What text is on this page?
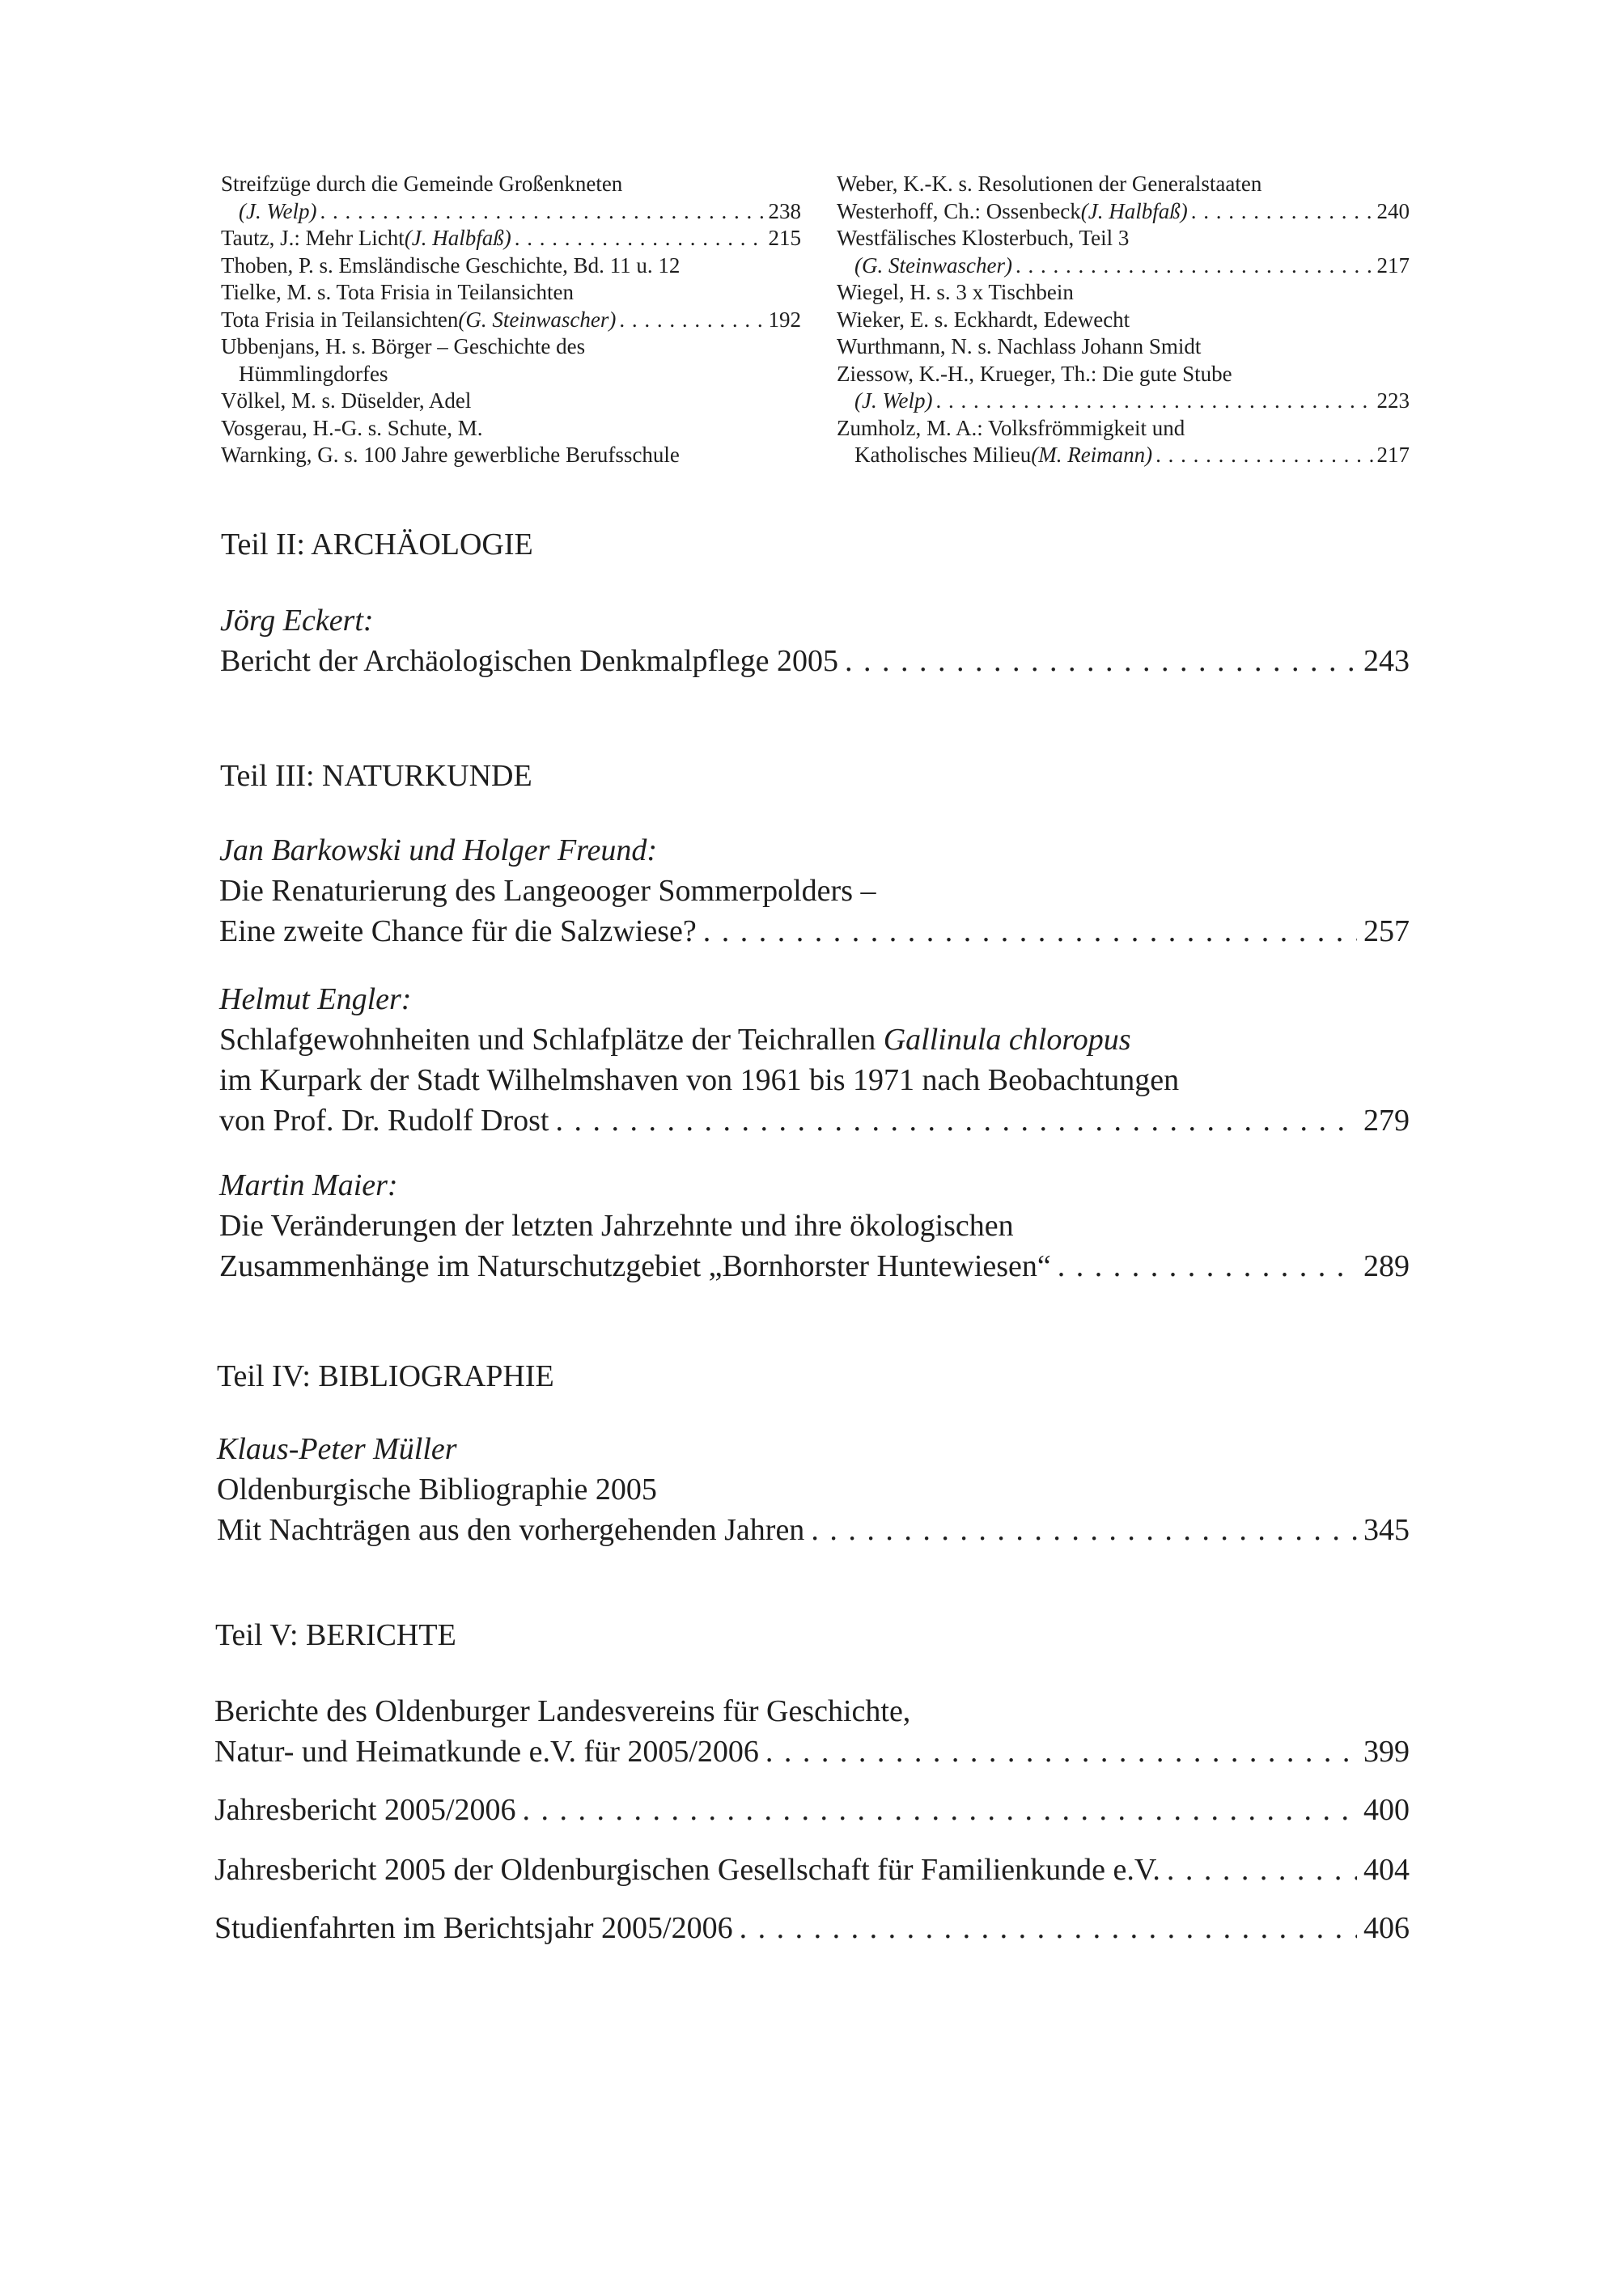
Streifzüge durch die Gemeinde Großenkneten
(J. Welp) . . .	238
Tautz, J.: Mehr Licht (J. Halbfaß) . . .	215
Thoben, P. s. Emsländische Geschichte, Bd. 11 u. 12
Tielke, M. s. Tota Frisia in Teilansichten
Tota Frisia in Teilansichten (G. Steinwascher) . . .	192
Ubbenjans, H. s. Börger – Geschichte des
Hümmlingdorfes
Völkel, M. s. Düselder, Adel
Vosgerau, H.-G. s. Schute, M.
Warnking, G. s. 100 Jahre gewerbliche Berufsschule
Weber, K.-K. s. Resolutionen der Generalstaaten
Westerhoff, Ch.: Ossenbeck (J. Halbfaß) . . .	240
Westfälisches Klosterbuch, Teil 3
(G. Steinwascher) . . .	217
Wiegel, H. s. 3 x Tischbein
Wieker, E. s. Eckhardt, Edewecht
Wurthmann, N. s. Nachlass Johann Smidt
Ziessow, K.-H., Krueger, Th.: Die gute Stube
(J. Welp) . . .	223
Zumholz, M. A.: Volksfrömmigkeit und
Katholisches Milieu (M. Reimann) . . .	217
Teil II: ARCHÄOLOGIE
Jörg Eckert:
Bericht der Archäologischen Denkmalpflege 2005 . . .	243
Teil III: NATURKUNDE
Jan Barkowski und Holger Freund:
Die Renaturierung des Langeooger Sommerpolders –
Eine zweite Chance für die Salzwiese? . . .	257
Helmut Engler:
Schlafgewohnheiten und Schlafplätze der Teichrallen Gallinula chloropus
im Kurpark der Stadt Wilhelmshaven von 1961 bis 1971 nach Beobachtungen
von Prof. Dr. Rudolf Drost . . .	279
Martin Maier:
Die Veränderungen der letzten Jahrzehnte und ihre ökologischen
Zusammenhänge im Naturschutzgebiet „Bornhorster Huntewiesen“ . . .	289
Teil IV: BIBLIOGRAPHIE
Klaus-Peter Müller
Oldenburgische Bibliographie 2005
Mit Nachträgen aus den vorhergehenden Jahren . . .	345
Teil V: BERICHTE
Berichte des Oldenburger Landesvereins für Geschichte,
Natur- und Heimatkunde e.V. für 2005/2006 . . .	399
Jahresbericht 2005/2006 . . .	400
Jahresbericht 2005 der Oldenburgischen Gesellschaft für Familienkunde e.V. . . .	404
Studienfahrten im Berichtsjahr 2005/2006 . . .	406
